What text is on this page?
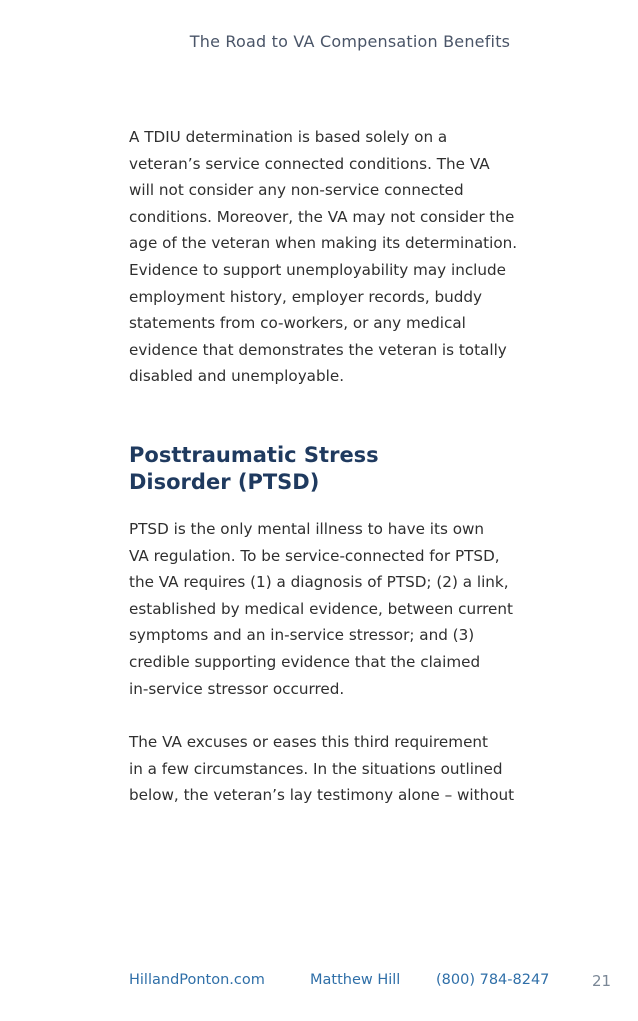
The Road to VA Compensation Benefits

A TDIU determination is based solely on a
veteran’s service connected conditions. The VA
will not consider any non-service connected
conditions. Moreover, the VA may not consider the
age of the veteran when making its determination.
Evidence to support unemployability may include
employment history, employer records, buddy
statements from co-workers, or any medical
evidence that demonstrates the veteran is totally
disabled and unemployable.

Posttraumatic Stress
Disorder (PTSD)

PTSD is the only mental illness to have its own
VA regulation. To be service-connected for PTSD,
the VA requires (1) a diagnosis of PTSD; (2) a link,
established by medical evidence, between current
symptoms and an in-service stressor; and (3)
credible supporting evidence that the claimed
in-service stressor occurred.

The VA excuses or eases this third requirement
in a few circumstances. In the situations outlined
below, the veteran’s lay testimony alone – without

HillandPonton.com	Matthew Hill (800) 784-8247	21
